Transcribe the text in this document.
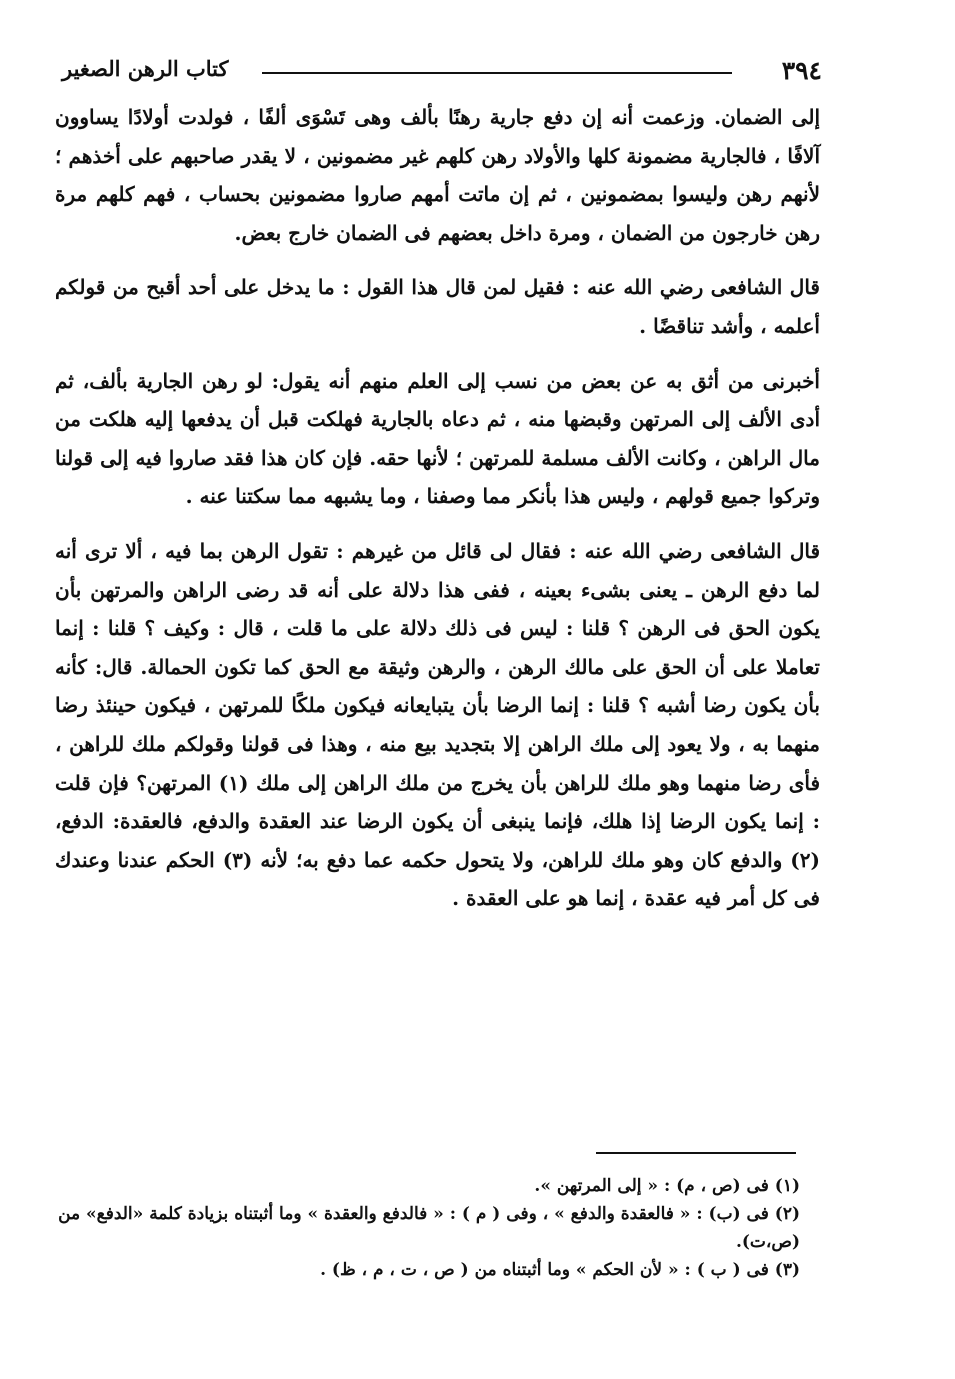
٣٩٤
كتاب الرهن الصغير

إلى الضمان. وزعمت أنه إن دفع جارية رهنًا بألف وهى تَسْوَى ألفًا ، فولدت أولادًا يساوون آلافًا ، فالجارية مضمونة كلها والأولاد رهن كلهم غير مضمونين ، لا يقدر صاحبهم على أخذهم ؛ لأنهم رهن وليسوا بمضمونين ، ثم إن ماتت أمهم صاروا مضمونين بحساب ، فهم كلهم مرة رهن خارجون من الضمان ، ومرة داخل بعضهم فى الضمان خارج بعض.

قال الشافعى رضي الله عنه : فقيل لمن قال هذا القول : ما يدخل على أحد أقبح من قولكم أعلمه ، وأشد تناقضًا .

أخبرنى من أثق به عن بعض من نسب إلى العلم منهم أنه يقول: لو رهن الجارية بألف، ثم أدى الألف إلى المرتهن وقبضها منه ، ثم دعاه بالجارية فهلكت قبل أن يدفعها إليه هلكت من مال الراهن ، وكانت الألف مسلمة للمرتهن ؛ لأنها حقه. فإن كان هذا فقد صاروا فيه إلى قولنا وتركوا جميع قولهم ، وليس هذا بأنكر مما وصفنا ، وما يشبهه مما سكتنا عنه .

قال الشافعى رضي الله عنه : فقال لى قائل من غيرهم : تقول الرهن بما فيه ، ألا ترى أنه لما دفع الرهن ـ يعنى بشىء بعينه ، ففى هذا دلالة على أنه قد رضى الراهن والمرتهن بأن يكون الحق فى الرهن ؟ قلنا : ليس فى ذلك دلالة على ما قلت ، قال : وكيف ؟ قلنا : إنما تعاملا على أن الحق على مالك الرهن ، والرهن وثيقة مع الحق كما تكون الحمالة. قال: كأنه بأن يكون رضا أشبه ؟ قلنا : إنما الرضا بأن يتبايعانه فيكون ملكًا للمرتهن ، فيكون حينئذ رضا منهما به ، ولا يعود إلى ملك الراهن إلا بتجديد بيع منه ، وهذا فى قولنا وقولكم ملك للراهن ، فأى رضا منهما وهو ملك للراهن بأن يخرج من ملك الراهن إلى ملك (١) المرتهن؟ فإن قلت : إنما يكون الرضا إذا هلك، فإنما ينبغى أن يكون الرضا عند العقدة والدفع، فالعقدة: الدفع، (٢) والدفع كان وهو ملك للراهن، ولا يتحول حكمه عما دفع به؛ لأنه (٣) الحكم عندنا وعندك فى كل أمر فيه عقدة ، إنما هو على العقدة .

(١) فى (ص ، م) : « إلى المرتهن ».

(٢) فى (ب) : « فالعقدة والدفع » ، وفى ( م ) : « فالدفع والعقدة » وما أثبتناه بزيادة كلمة «الدفع» من (ص،ت).

(٣) فى ( ب ) : « لأن الحكم » وما أثبتناه من ( ص ، ت ، م ، ظ) .
